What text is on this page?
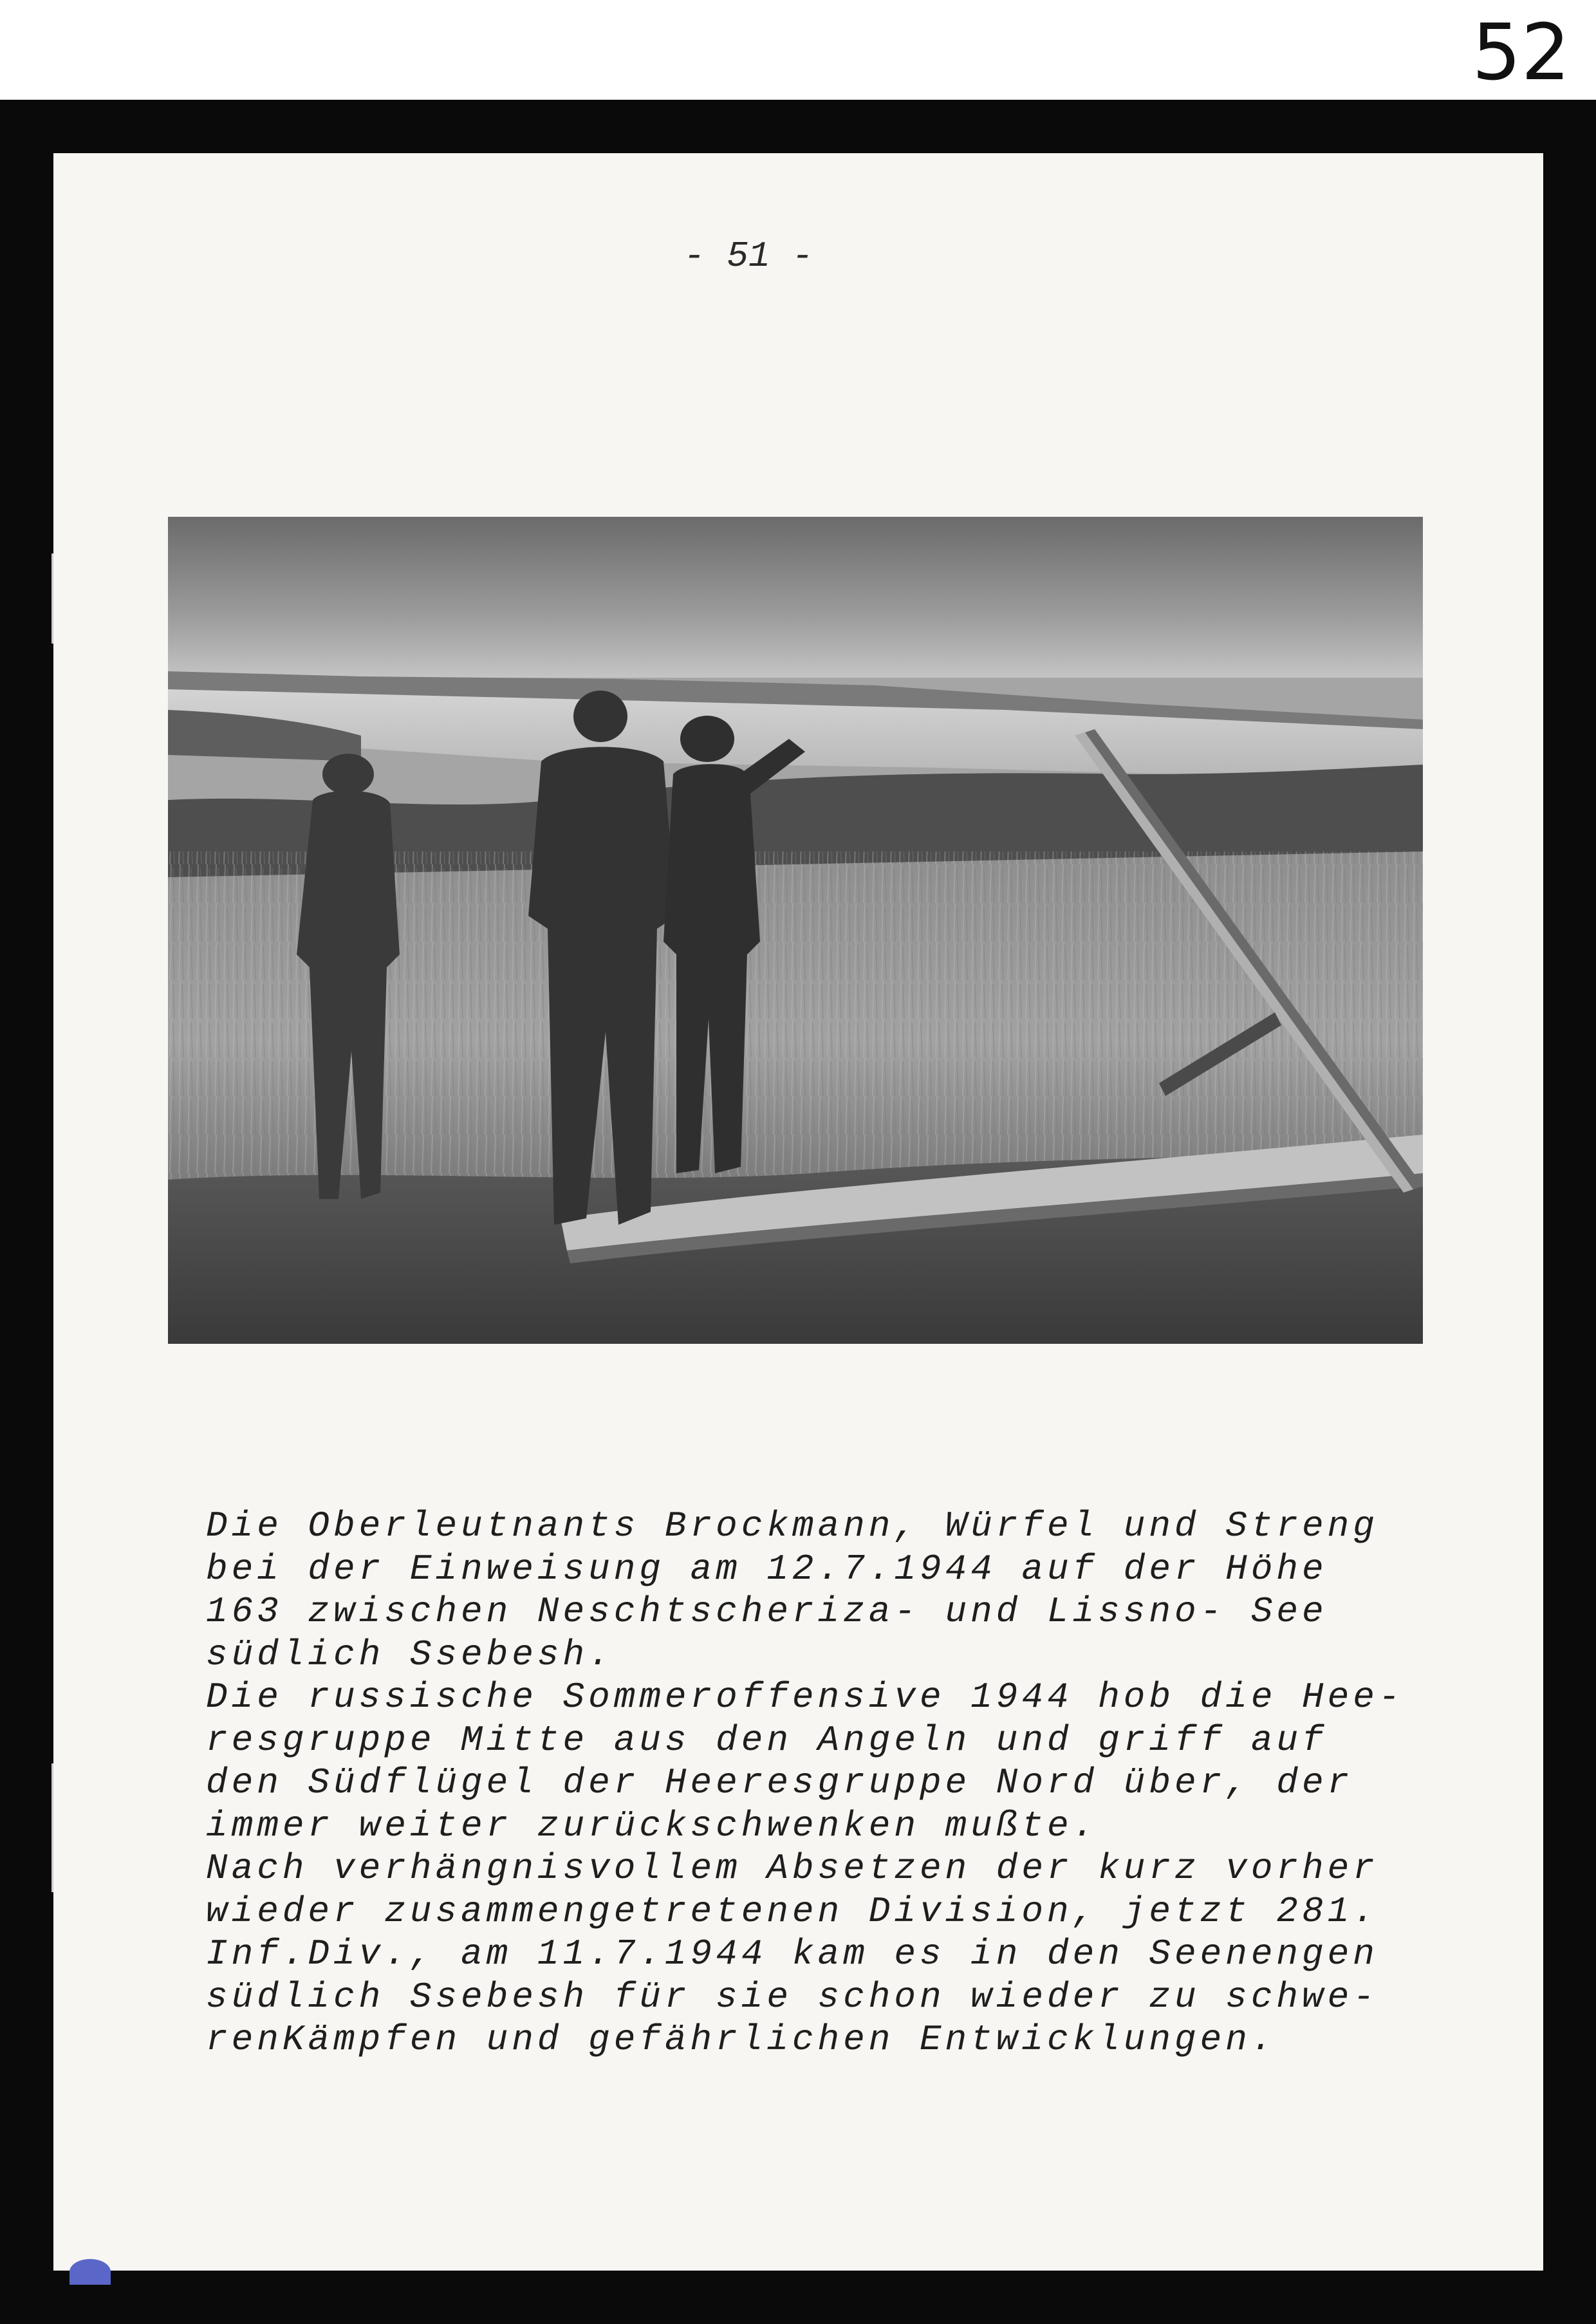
52
- 51 -
Die Oberleutnants Brockmann, Würfel und Streng
bei der Einweisung am 12.7.1944 auf der Höhe
163 zwischen Neschtscheriza- und Lissno- See
südlich Ssebesh.
Die russische Sommeroffensive 1944 hob die Hee-
resgruppe Mitte aus den Angeln und griff auf
den Südflügel der Heeresgruppe Nord über, der
immer weiter zurückschwenken mußte.
Nach verhängnisvollem Absetzen der kurz vorher
wieder zusammengetretenen Division, jetzt 281.
Inf.Div., am 11.7.1944 kam es in den Seenengen
südlich Ssebesh für sie schon wieder zu schwe-
renKämpfen und gefährlichen Entwicklungen.
